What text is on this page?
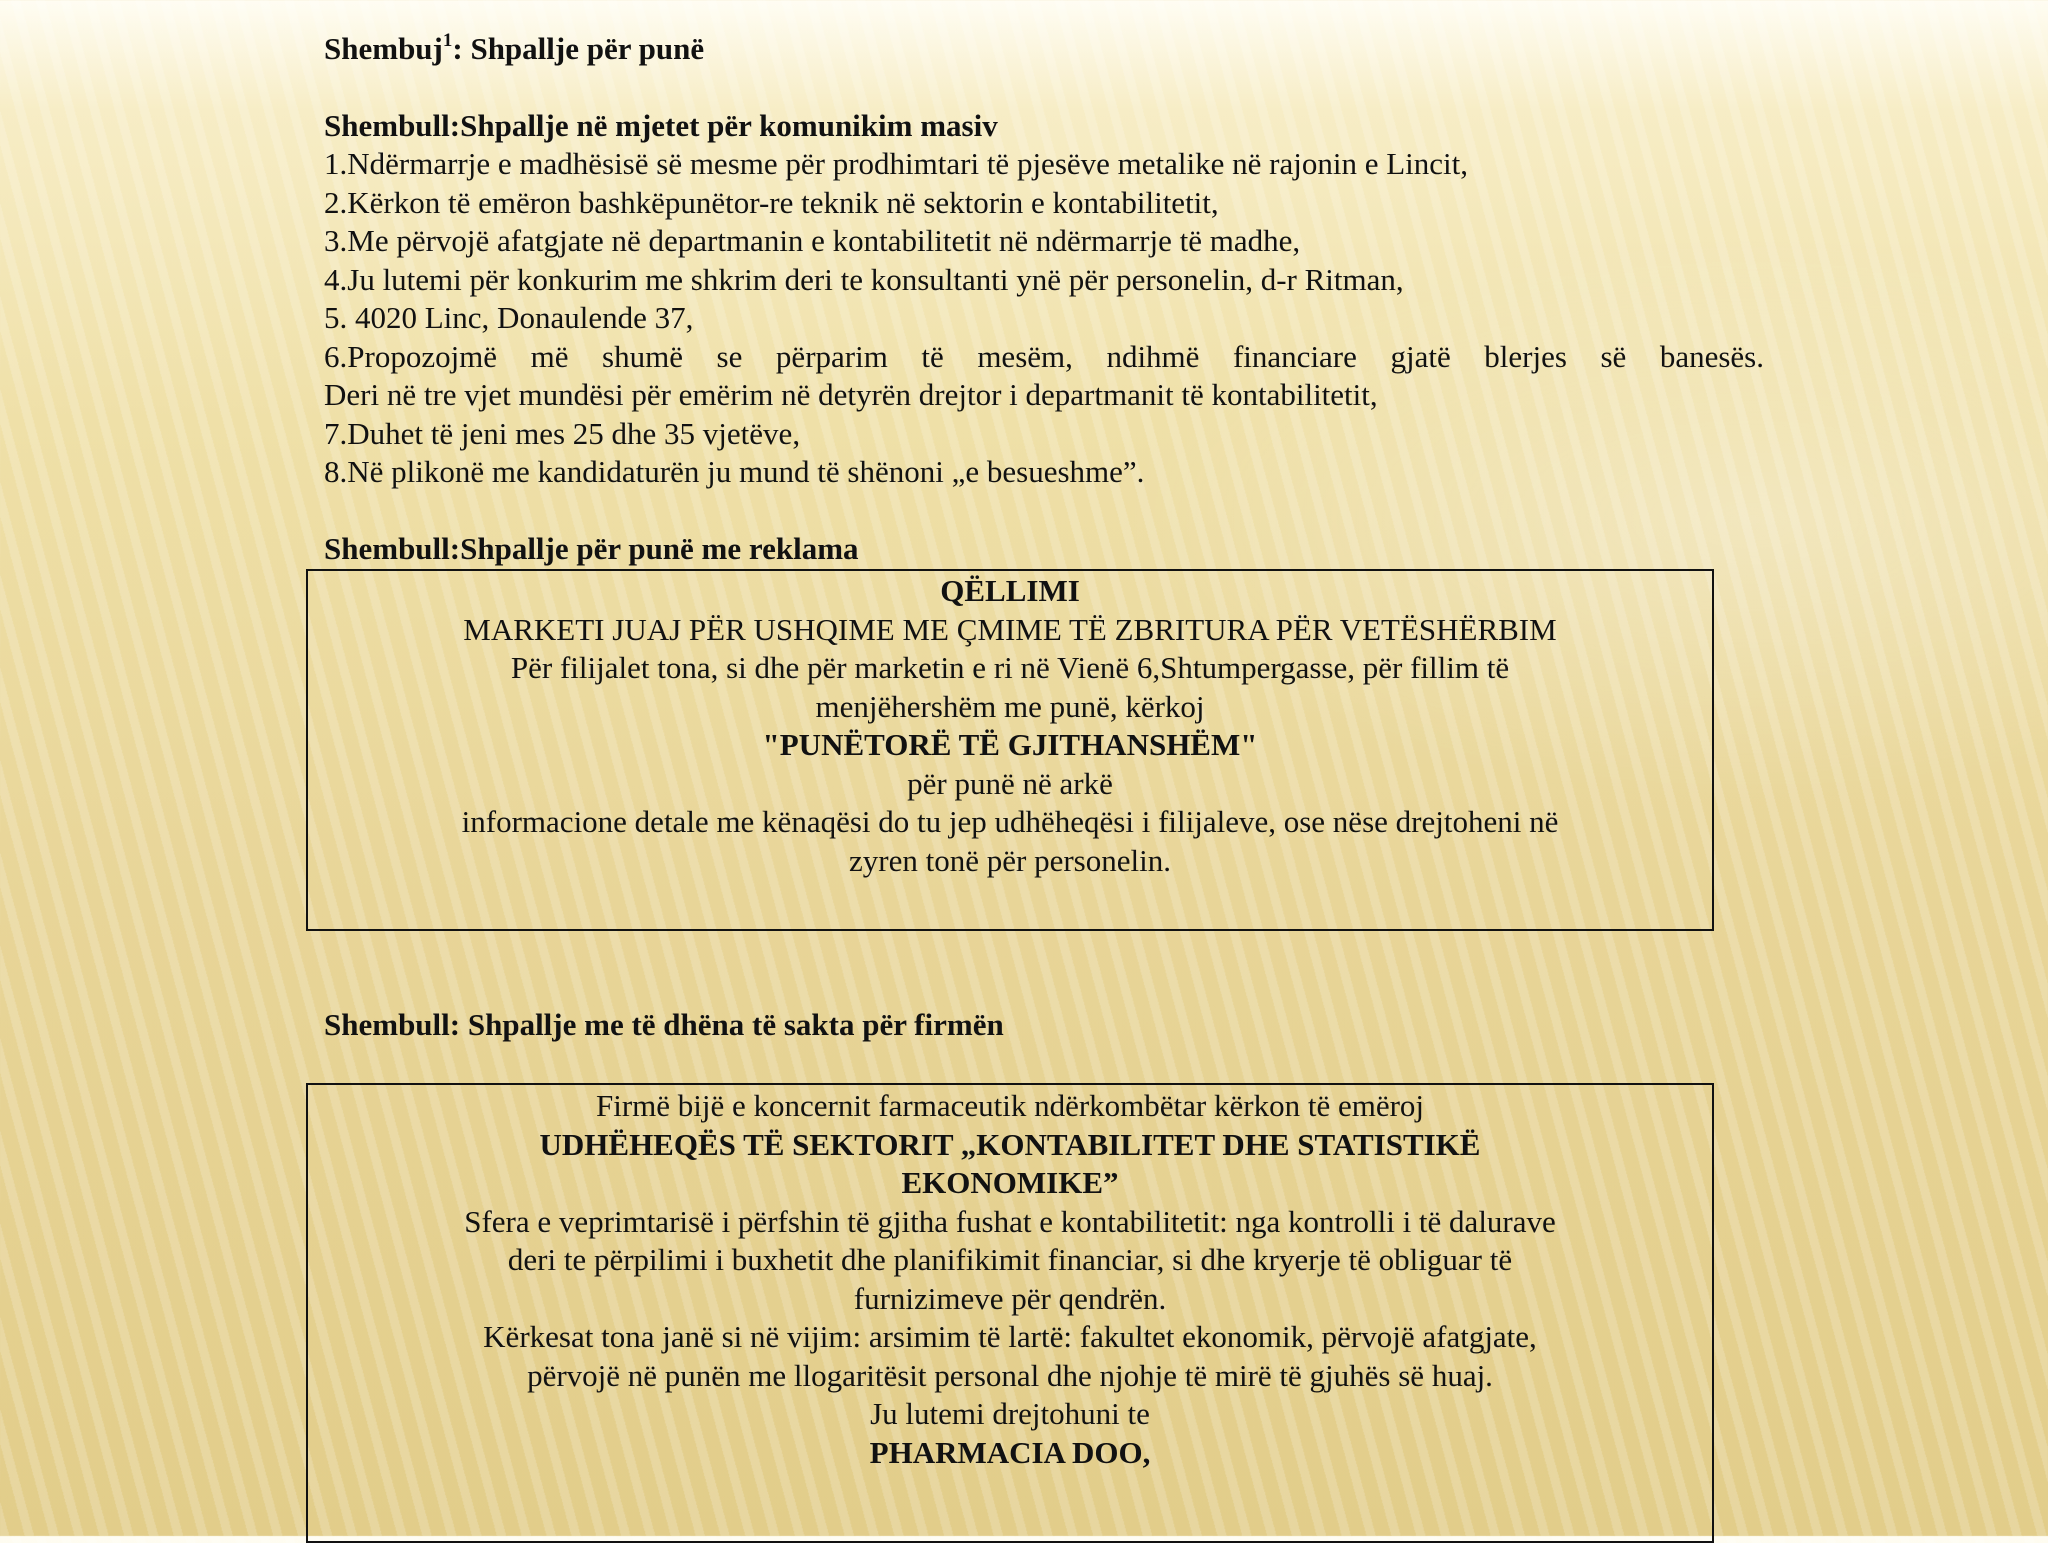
Shembuj$^1$: Shpallje për punë

Shembull:Shpallje në mjetet për komunikim masiv

1.Ndërmarrje e madhësisë së mesme për prodhimtari të pjesëve metalike në rajonin e Lincit,

2.Kërkon të emëron bashkëpunëtor-re teknik në sektorin e kontabilitetit,

3.Me përvojë afatgjate në departmanin e kontabilitetit në ndërmarrje të madhe,

4.Ju lutemi për konkurim me shkrim deri te konsultanti ynë për personelin, d-r Ritman,

5. 4020 Linc, Donaulende 37,

6.Propozojmë më shumë se përparim të mesëm, ndihmë financiare gjatë blerjes së banesës.

Deri në tre vjet mundësi për emërim në detyrën drejtor i departmanit të kontabilitetit,

7.Duhet të jeni mes 25 dhe 35 vjetëve,

8.Në plikonë me kandidaturën ju mund të shënoni „e besueshme”.

Shembull:Shpallje për punë me reklama

QËLLIMI

MARKETI JUAJ PËR USHQIME ME ÇMIME TË ZBRITURA PËR VETËSHËRBIM

Për filijalet tona, si dhe për marketin e ri në Vienë 6,Shtumpergasse, për fillim të

menjëhershëm me punë, kërkoj

"PUNËTORË TË GJITHANSHËM"

për punë në arkë

informacione detale me kënaqësi do tu jep udhëheqësi i filijaleve, ose nëse drejtoheni në

zyren tonë për personelin.

Shembull: Shpallje me të dhëna të sakta për firmën

Firmë bijë e koncernit farmaceutik ndërkombëtar kërkon të emëroj

UDHËHEQËS TË SEKTORIT „KONTABILITET DHE STATISTIKË

EKONOMIKE”

Sfera e veprimtarisë i përfshin të gjitha fushat e kontabilitetit: nga kontrolli i të dalurave

deri te përpilimi i buxhetit dhe planifikimit financiar, si dhe kryerje të obliguar të

furnizimeve për qendrën.

Kërkesat tona janë si në vijim: arsimim të lartë: fakultet ekonomik, përvojë afatgjate,

përvojë në punën me llogaritësit personal dhe njohje të mirë të gjuhës së huaj.

Ju lutemi drejtohuni te

PHARMACIA DOO,
